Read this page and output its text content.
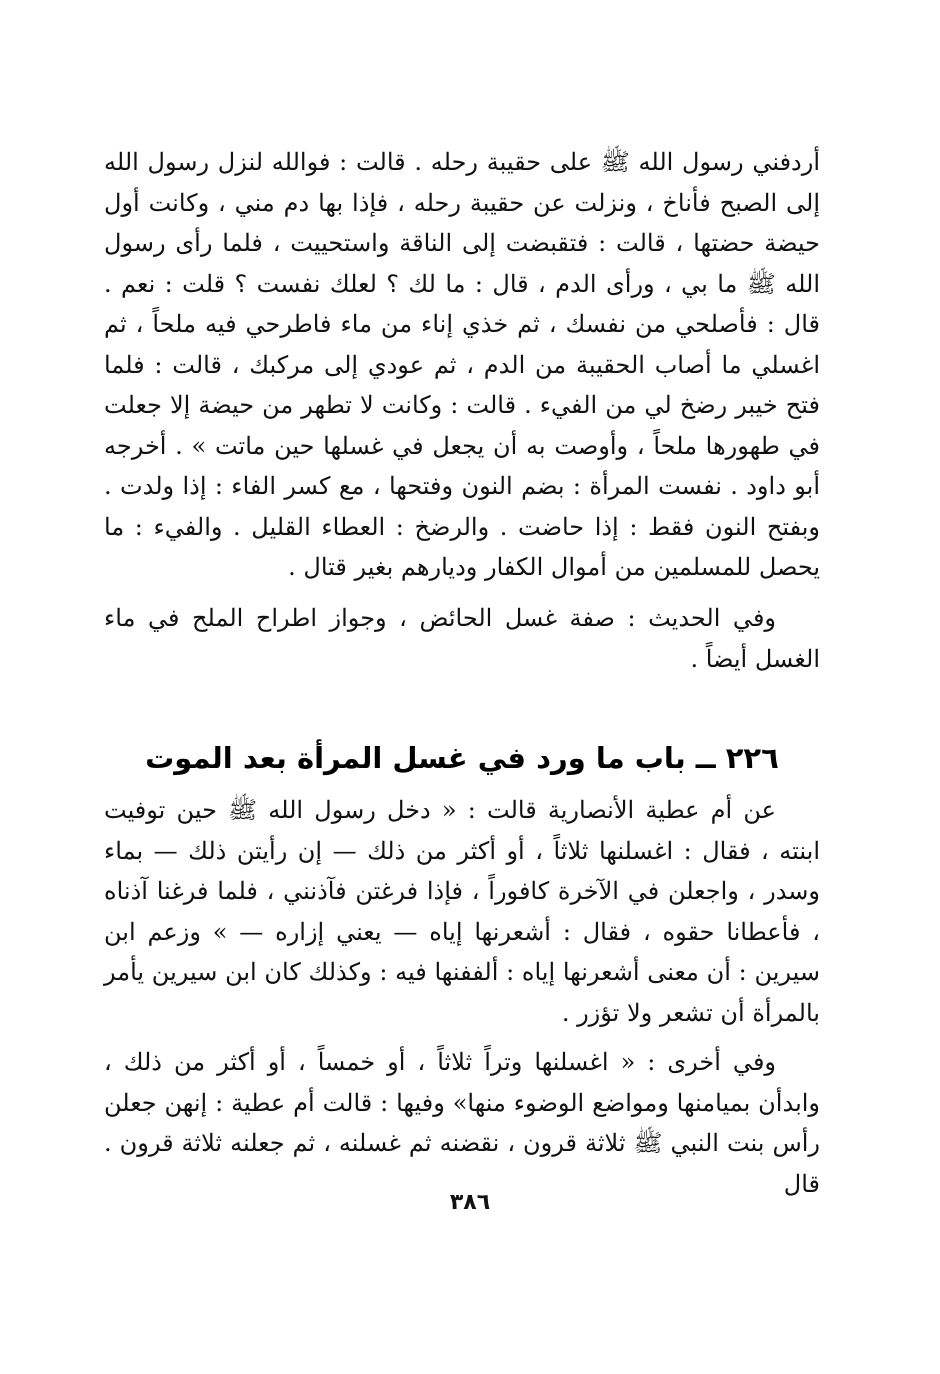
أردفني رسول الله ﷺ على حقيبة رحله . قالت : فوالله لنزل رسول الله إلى الصبح فأناخ ، ونزلت عن حقيبة رحله ، فإذا بها دم مني ، وكانت أول حيضة حضتها ، قالت : فتقبضت إلى الناقة واستحييت ، فلما رأى رسول الله ﷺ ما بي ، ورأى الدم ، قال : ما لك ؟ لعلك نفست ؟ قلت : نعم . قال : فأصلحي من نفسك ، ثم خذي إناء من ماء فاطرحي فيه ملحاً ، ثم اغسلي ما أصاب الحقيبة من الدم ، ثم عودي إلى مركبك ، قالت : فلما فتح خيبر رضخ لي من الفيء . قالت : وكانت لا تطهر من حيضة إلا جعلت في طهورها ملحاً ، وأوصت به أن يجعل في غسلها حين ماتت » . أخرجه أبو داود . نفست المرأة : بضم النون وفتحها ، مع كسر الفاء : إذا ولدت . وبفتح النون فقط : إذا حاضت . والرضخ : العطاء القليل . والفيء : ما يحصل للمسلمين من أموال الكفار وديارهم بغير قتال .

وفي الحديث : صفة غسل الحائض ، وجواز اطراح الملح في ماء الغسل أيضاً .

٢٢٦ ــ باب ما ورد في غسل المرأة بعد الموت

عن أم عطية الأنصارية قالت : « دخل رسول الله ﷺ حين توفيت ابنته ، فقال : اغسلنها ثلاثاً ، أو أكثر من ذلك — إن رأيتن ذلك — بماء وسدر ، واجعلن في الآخرة كافوراً ، فإذا فرغتن فآذنني ، فلما فرغنا آذناه ، فأعطانا حقوه ، فقال : أشعرنها إياه — يعني إزاره — » وزعم ابن سيرين : أن معنى أشعرنها إياه : ألففنها فيه : وكذلك كان ابن سيرين يأمر بالمرأة أن تشعر ولا تؤزر .

وفي أخرى : « اغسلنها وتراً ثلاثاً ، أو خمساً ، أو أكثر من ذلك ، وابدأن بميامنها ومواضع الوضوء منها» وفيها : قالت أم عطية : إنهن جعلن رأس بنت النبي ﷺ ثلاثة قرون ، نقضنه ثم غسلنه ، ثم جعلنه ثلاثة قرون . قال

٣٨٦
